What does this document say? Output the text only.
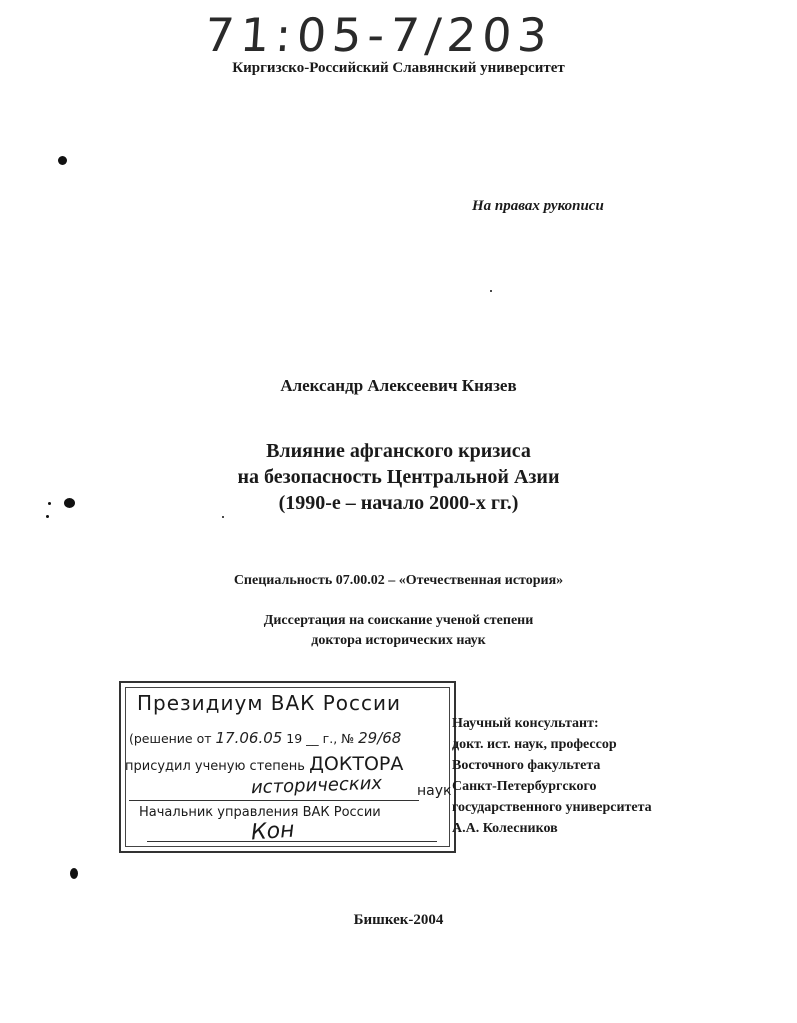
71:05-7/203
Киргизско-Российский Славянский университет
На правах рукописи
Александр Алексеевич Князев
Влияние афганского кризиса
на безопасность Центральной Азии
(1990-е – начало 2000-х гг.)
Специальность 07.00.02 – «Отечественная история»
Диссертация на соискание ученой степени
доктора исторических наук
Президиум ВАК России
(решение от 17.06.05 19 __ г., № 29/68
присудил ученую степень ДОКТОРА
исторических наук
Начальник управления ВАК России
Кон
Научный консультант:
докт. ист. наук, профессор
Восточного факультета
Санкт-Петербургского
государственного университета
А.А. Колесников
Бишкек-2004
